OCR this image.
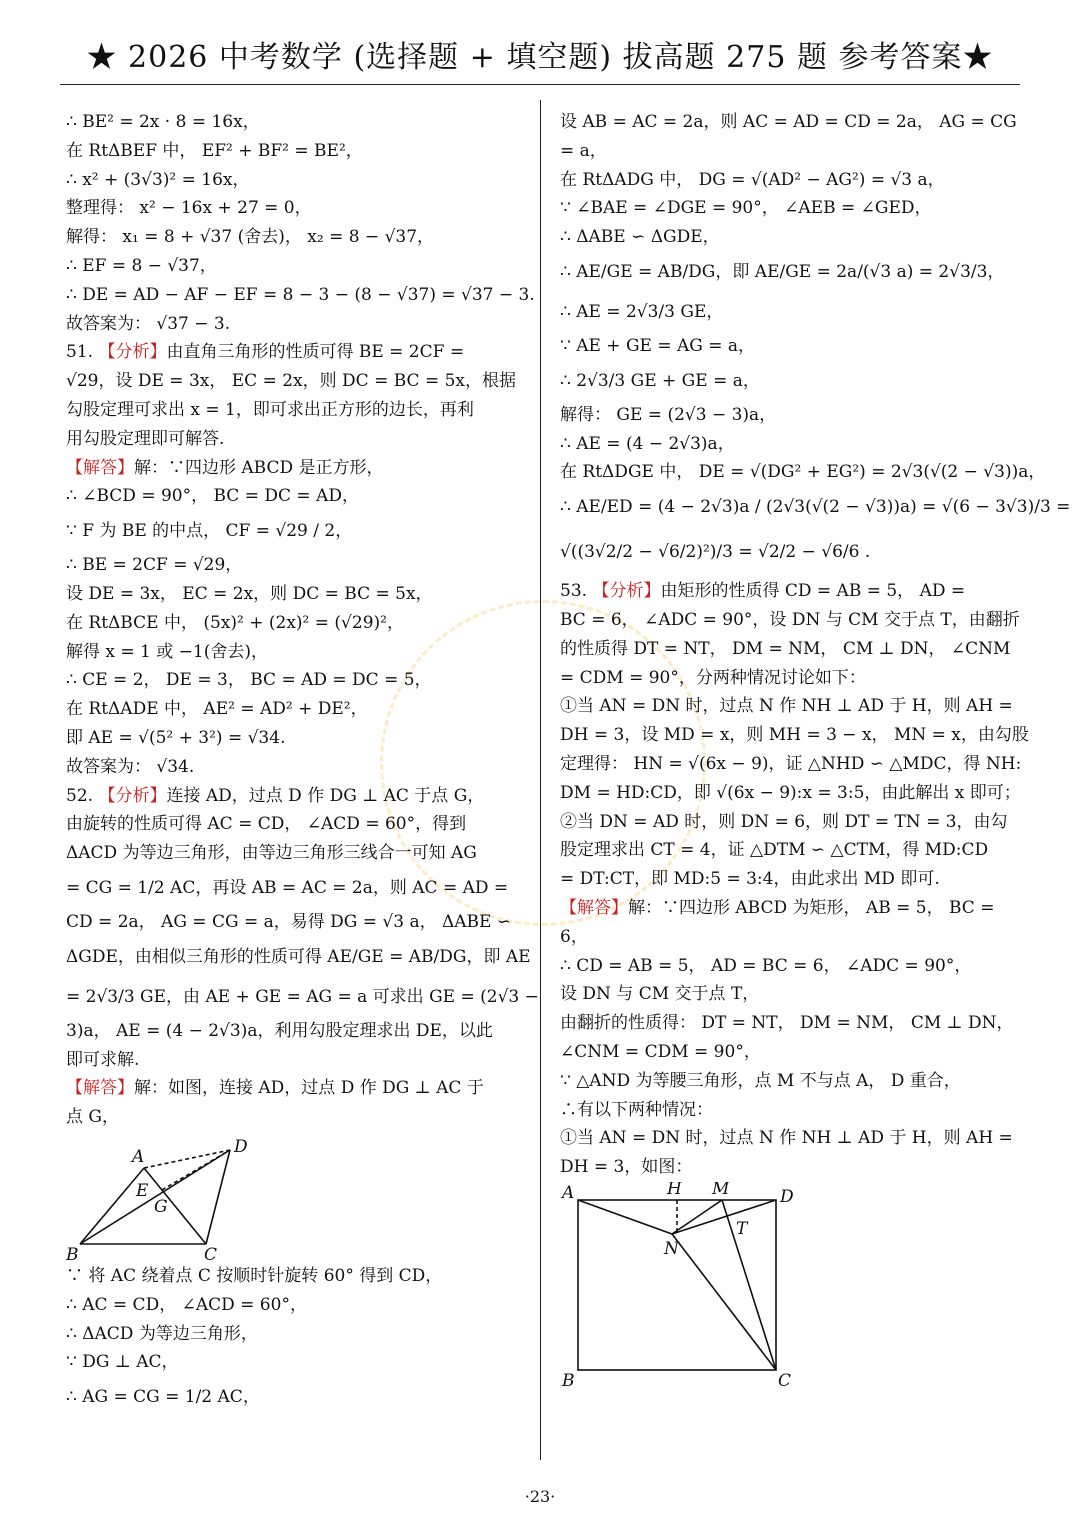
★ 2026 中考数学 (选择题 + 填空题) 拔高题 275 题 参考答案★
∴ BE² = 2x · 8 = 16x，
在 RtΔBEF 中， EF² + BF² = BE²，
∴ x² + (3√3)² = 16x，
整理得： x² − 16x + 27 = 0，
解得： x₁ = 8 + √37 (舍去)， x₂ = 8 − √37，
∴ EF = 8 − √37，
∴ DE = AD − AF − EF = 8 − 3 − (8 − √37) = √37 − 3.
故答案为： √37 − 3.
51. 【分析】由直角三角形的性质可得 BE = 2CF =
√29，设 DE = 3x， EC = 2x，则 DC = BC = 5x，根据
勾股定理可求出 x = 1，即可求出正方形的边长，再利
用勾股定理即可解答.
【解答】解：∵四边形 ABCD 是正方形，
∴ ∠BCD = 90°， BC = DC = AD，
∵ F 为 BE 的中点， CF = √29 / 2，
∴ BE = 2CF = √29，
设 DE = 3x， EC = 2x，则 DC = BC = 5x，
在 RtΔBCE 中， (5x)² + (2x)² = (√29)²，
解得 x = 1 或 −1(舍去)，
∴ CE = 2， DE = 3， BC = AD = DC = 5，
在 RtΔADE 中， AE² = AD² + DE²，
即 AE = √(5² + 3²) = √34.
故答案为： √34.
52. 【分析】连接 AD，过点 D 作 DG ⊥ AC 于点 G，
由旋转的性质可得 AC = CD， ∠ACD = 60°，得到
ΔACD 为等边三角形，由等边三角形三线合一可知 AG
= CG = 1/2 AC，再设 AB = AC = 2a，则 AC = AD =
CD = 2a， AG = CG = a，易得 DG = √3 a， ΔABE ∽
ΔGDE，由相似三角形的性质可得 AE/GE = AB/DG，即 AE
= 2√3/3 GE，由 AE + GE = AG = a 可求出 GE = (2√3 −
3)a， AE = (4 − 2√3)a，利用勾股定理求出 DE，以此
即可求解.
【解答】解：如图，连接 AD，过点 D 作 DG ⊥ AC 于
点 G，
A	D
E
G
B	C
∵ 将 AC 绕着点 C 按顺时针旋转 60° 得到 CD，
∴ AC = CD， ∠ACD = 60°，
∴ ΔACD 为等边三角形，
∵ DG ⊥ AC，
∴ AG = CG = 1/2 AC，
设 AB = AC = 2a，则 AC = AD = CD = 2a， AG = CG
= a，
在 RtΔADG 中， DG = √(AD² − AG²) = √3 a，
∵ ∠BAE = ∠DGE = 90°， ∠AEB = ∠GED，
∴ ΔABE ∽ ΔGDE，
∴ AE/GE = AB/DG，即 AE/GE = 2a/(√3 a) = 2√3/3，
∴ AE = 2√3/3 GE，
∵ AE + GE = AG = a，
∴ 2√3/3 GE + GE = a，
解得： GE = (2√3 − 3)a，
∴ AE = (4 − 2√3)a，
在 RtΔDGE 中， DE = √(DG² + EG²) = 2√3(√(2 − √3))a，
∴ AE/ED = (4 − 2√3)a / (2√3(√(2 − √3))a) = √(6 − 3√3)/3 =
√((3√2/2 − √6/2)²)/3 = √2/2 − √6/6 .
53. 【分析】由矩形的性质得 CD = AB = 5， AD =
BC = 6， ∠ADC = 90°，设 DN 与 CM 交于点 T，由翻折
的性质得 DT = NT， DM = NM， CM ⊥ DN， ∠CNM
= CDM = 90°，分两种情况讨论如下：
①当 AN = DN 时，过点 N 作 NH ⊥ AD 于 H，则 AH =
DH = 3，设 MD = x，则 MH = 3 − x， MN = x，由勾股
定理得： HN = √(6x − 9)，证 △NHD ∽ △MDC，得 NH:
DM = HD:CD，即 √(6x − 9):x = 3:5，由此解出 x 即可；
②当 DN = AD 时，则 DN = 6，则 DT = TN = 3，由勾
股定理求出 CT = 4，证 △DTM ∽ △CTM，得 MD:CD
= DT:CT，即 MD:5 = 3:4，由此求出 MD 即可.
【解答】解：∵四边形 ABCD 为矩形， AB = 5， BC =
6，
∴ CD = AB = 5， AD = BC = 6， ∠ADC = 90°，
设 DN 与 CM 交于点 T，
由翻折的性质得： DT = NT， DM = NM， CM ⊥ DN，
∠CNM = CDM = 90°，
∵ △AND 为等腰三角形，点 M 不与点 A， D 重合，
∴有以下两种情况：
①当 AN = DN 时，过点 N 作 NH ⊥ AD 于 H，则 AH =
DH = 3，如图：
A	H M	D
T
N
B	C
·23·
